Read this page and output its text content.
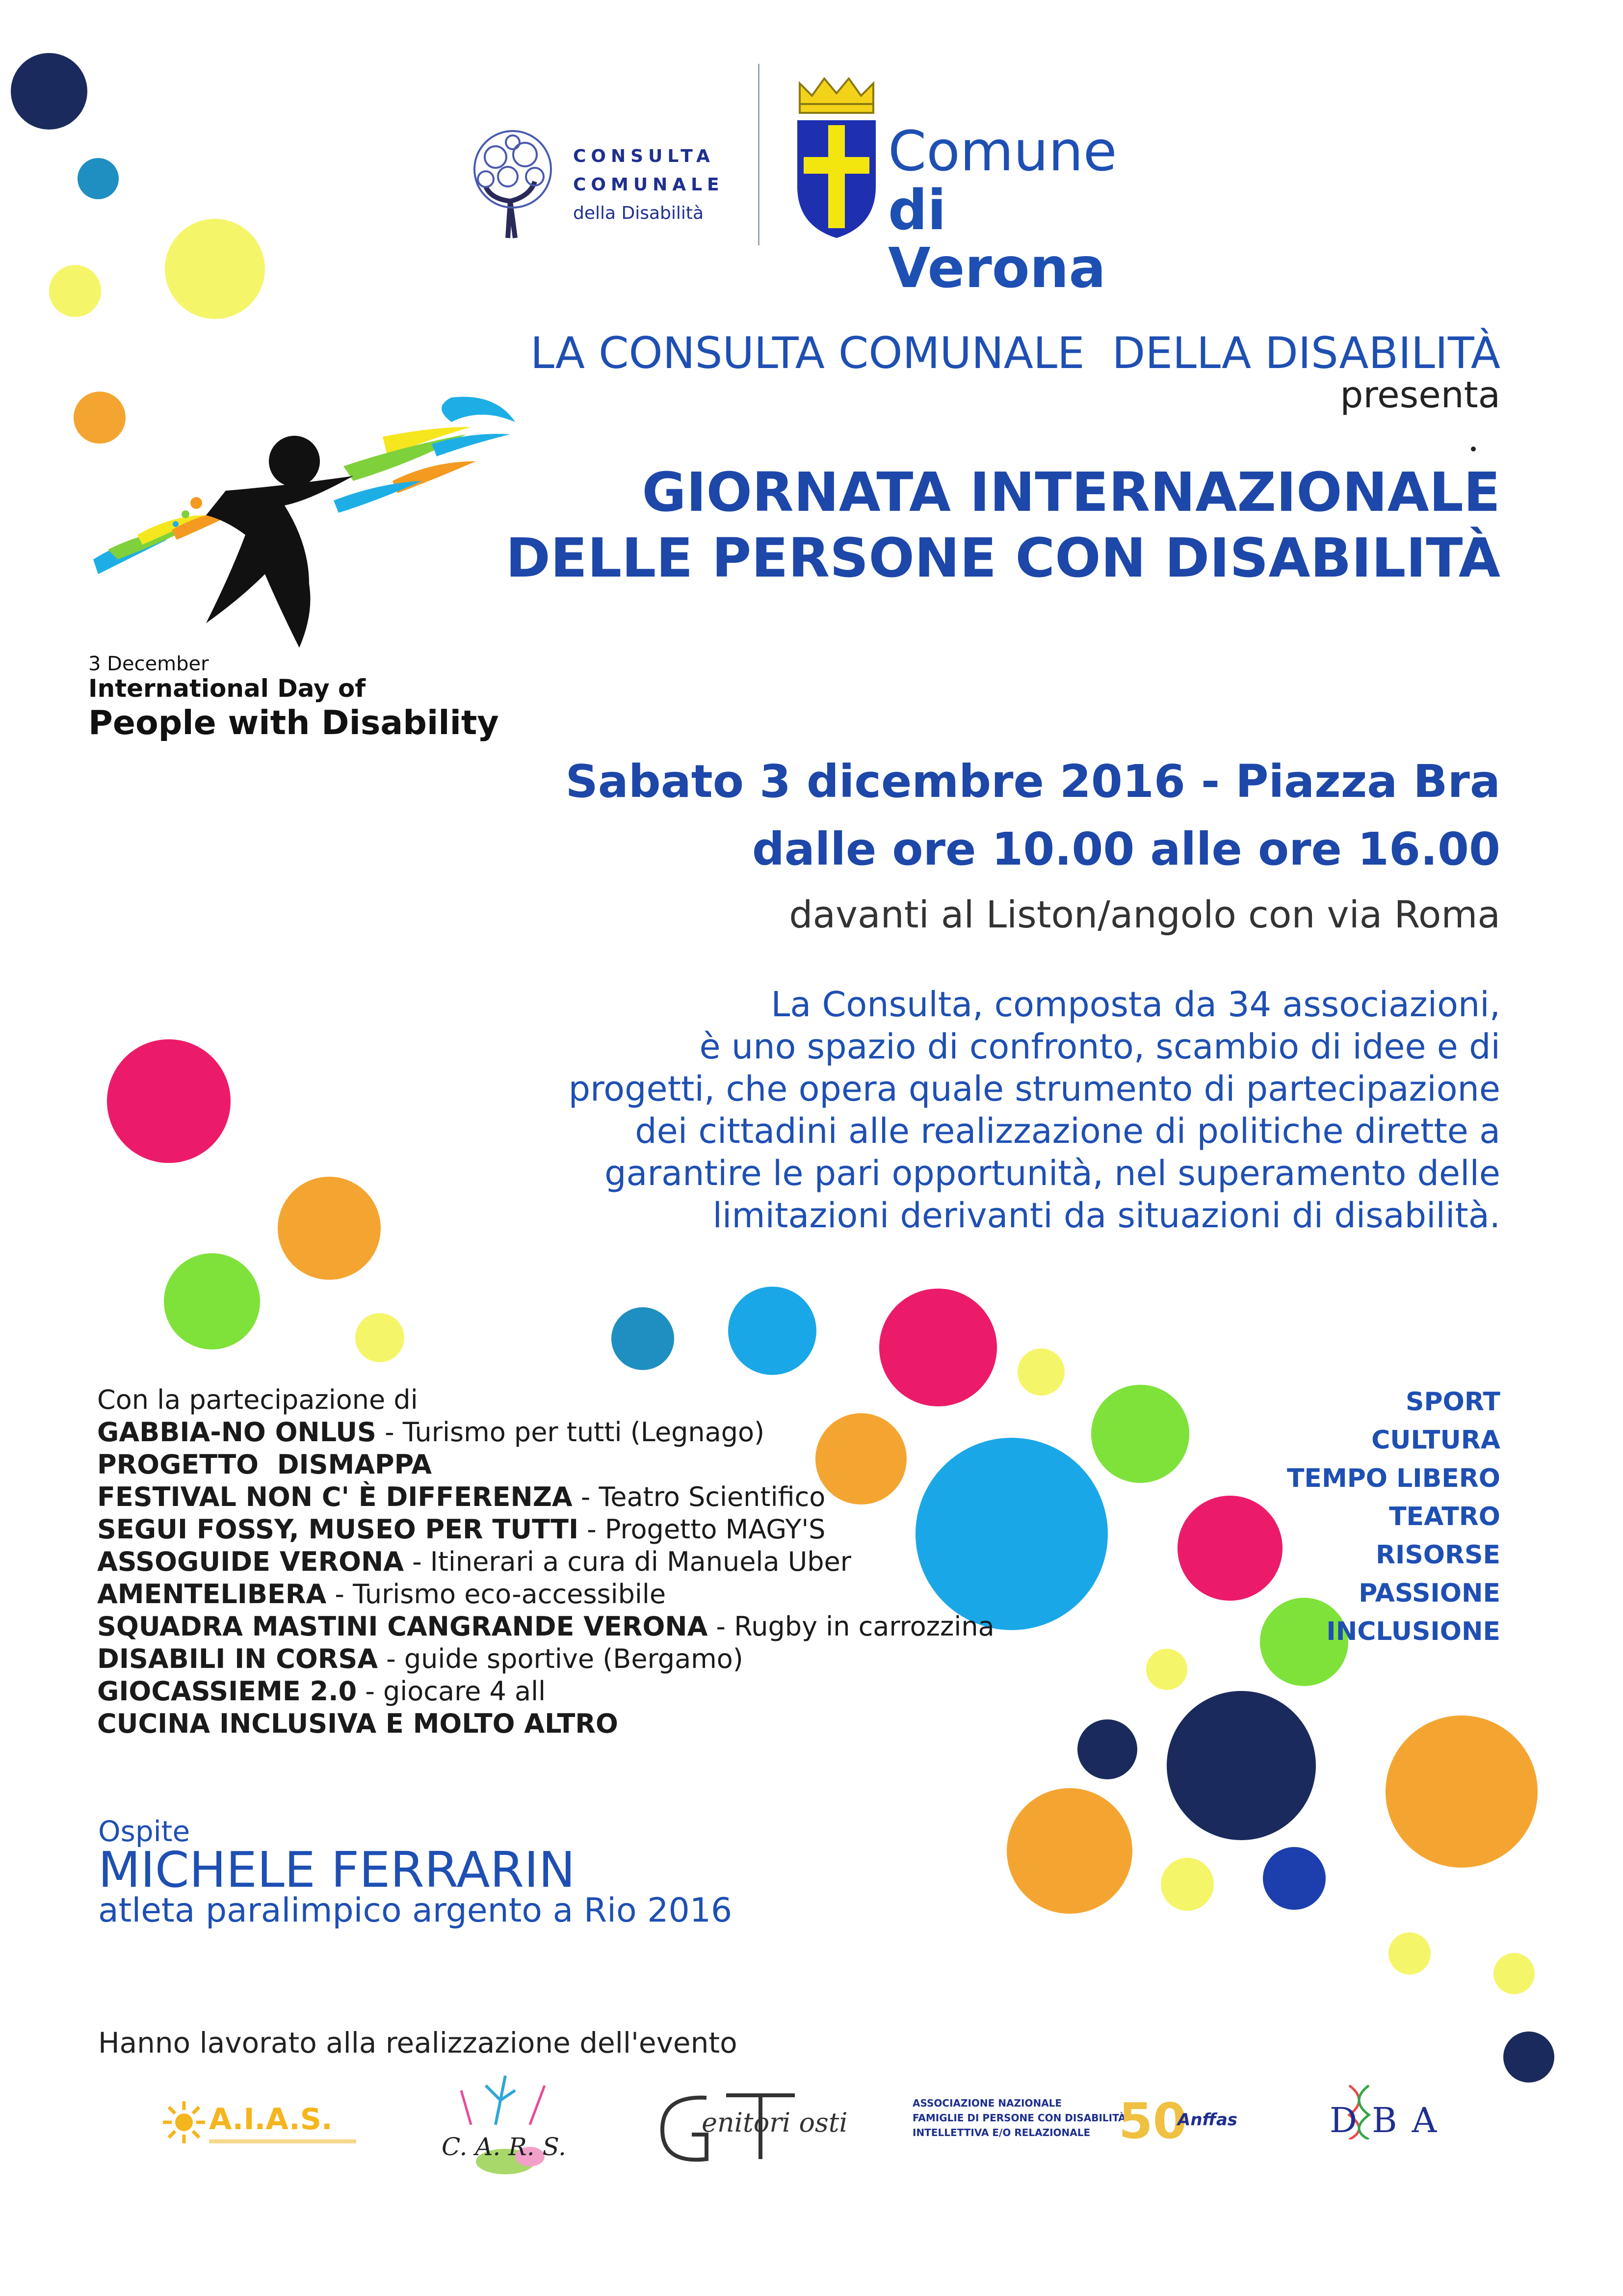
CONSULTA
COMUNALE
della Disabilità
Comune
di Verona
LA CONSULTA COMUNALE  DELLA DISABILITÀ
presenta
GIORNATA INTERNAZIONALE
DELLE PERSONE CON DISABILITÀ
3 December
International Day of
People with Disability
Sabato 3 dicembre 2016 - Piazza Bra
dalle ore 10.00 alle ore 16.00
davanti al Liston/angolo con via Roma
La Consulta, composta da 34 associazioni,
è uno spazio di confronto, scambio di idee e di
progetti, che opera quale strumento di partecipazione
dei cittadini alle realizzazione di politiche dirette a
garantire le pari opportunità, nel superamento delle
limitazioni derivanti da situazioni di disabilità.
Con la partecipazione di
GABBIA-NO ONLUS - Turismo per tutti (Legnago)
PROGETTO  DISMAPPA
FESTIVAL NON C' È DIFFERENZA - Teatro Scientifico
SEGUI FOSSY, MUSEO PER TUTTI - Progetto MAGY'S
ASSOGUIDE VERONA - Itinerari a cura di Manuela Uber
AMENTELIBERA - Turismo eco-accessibile
SQUADRA MASTINI CANGRANDE VERONA - Rugby in carrozzina
DISABILI IN CORSA - guide sportive (Bergamo)
GIOCASSIEME 2.0 - giocare 4 all
CUCINA INCLUSIVA E MOLTO ALTRO
SPORT
CULTURA
TEMPO LIBERO
TEATRO
RISORSE
PASSIONE
INCLUSIONE
Ospite
MICHELE FERRARIN
atleta paralimpico argento a Rio 2016
Hanno lavorato alla realizzazione dell'evento
A.I.A.S.
C. A. R. S.
enitori osti
ASSOCIAZIONE NAZIONALE
FAMIGLIE DI PERSONE CON DISABILITÀ
INTELLETTIVA E/O RELAZIONALE 50
Anffas	DBA
